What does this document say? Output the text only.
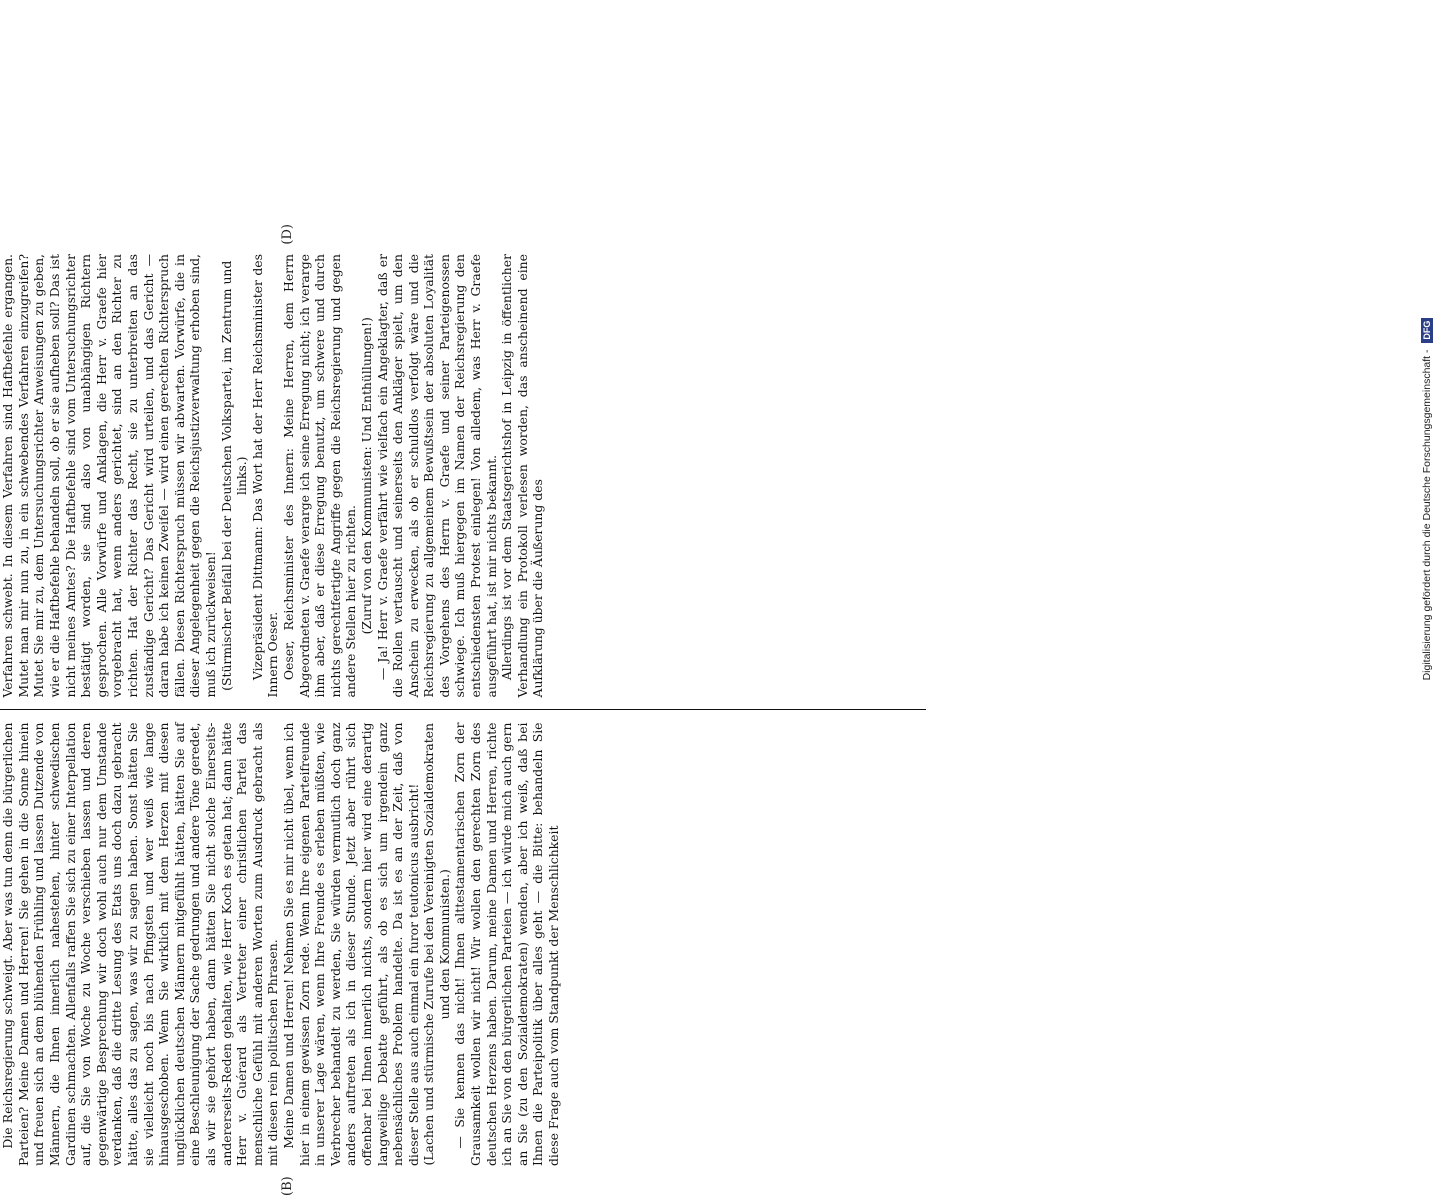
(B)
(D)

Die Reichsregierung schweigt. Aber was tun denn die bürgerlichen Parteien? Meine Damen und Herren! Sie gehen in die Sonne hinein und freuen sich an dem blühenden Frühling und lassen Dutzende von Männern, die Ihnen innerlich nahestehen, hinter schwedischen Gardinen schmachten. Allenfalls raffen Sie sich zu einer Interpellation auf, die Sie von Woche zu Woche verschieben lassen und deren gegenwärtige Besprechung wir doch wohl auch nur dem Umstande verdanken, daß die dritte Lesung des Etats uns doch dazu gebracht hätte, alles das zu sagen, was wir zu sagen haben. Sonst hätten Sie sie vielleicht noch bis nach Pfingsten und wer weiß wie lange hinausgeschoben. Wenn Sie wirklich mit dem Herzen mit diesen unglücklichen deutschen Männern mitgefühlt hätten, hätten Sie auf eine Beschleunigung der Sache gedrungen und andere Töne geredet, als wir sie gehört haben, dann hätten Sie nicht solche Einerseits-andererseits-Reden gehalten, wie Herr Koch es getan hat; dann hätte Herr v. Guérard als Vertreter einer christlichen Partei das menschliche Gefühl mit anderen Worten zum Ausdruck gebracht als mit diesen rein politischen Phrasen. Meine Damen und Herren! Nehmen Sie es mir nicht übel, wenn ich hier in einem gewissen Zorn rede. Wenn Ihre eigenen Parteifreunde in unserer Lage wären, wenn Ihre Freunde es erleben müßten, wie Verbrecher behandelt zu werden, Sie würden vermutlich doch ganz anders auftreten als ich in dieser Stunde. Jetzt aber rührt sich offenbar bei Ihnen innerlich nichts, sondern hier wird eine derartig langweilige Debatte geführt, als ob es sich um irgendein ganz nebensächliches Problem handelte. Da ist es an der Zeit, daß von dieser Stelle aus auch einmal ein furor teutonicus ausbricht! (Lachen und stürmische Zurufe bei den Vereinigten Sozialdemokraten und den Kommunisten.) — Sie kennen das nicht! Ihnen alttestamentarischen Zorn der Grausamkeit wollen wir nicht! Wir wollen den gerechten Zorn des deutschen Herzens haben. Darum, meine Damen und Herren, richte ich an Sie von den bürgerlichen Parteien — ich würde mich auch gern an Sie (zu den Sozialdemokraten) wenden, aber ich weiß, daß bei Ihnen die Parteipolitik über alles geht — die Bitte: behandeln Sie diese Frage auch vom Standpunkt der Menschlichkeit

Verfahren schwebt. In diesem Verfahren sind Haftbefehle ergangen. Mutet man mir nun zu, in ein schwebendes Verfahren einzugreifen? Mutet Sie mir zu, dem Untersuchungsrichter Anweisungen zu geben, wie er die Haftbefehle behandeln soll, ob er sie aufheben soll? Das ist nicht meines Amtes? Die Haftbefehle sind vom Untersuchungsrichter bestätigt worden, sie sind also von unabhängigen Richtern gesprochen. Alle Vorwürfe und Anklagen, die Herr v. Graefe hier vorgebracht hat, wenn anders gerichtet, sind an den Richter zu richten. Hat der Richter das Recht, sie zu unterbreiten an das zuständige Gericht? Das Gericht wird urteilen, und das Gericht — daran habe ich keinen Zweifel — wird einen gerechten Richterspruch fällen. Diesen Richterspruch müssen wir abwarten. Vorwürfe, die in dieser Angelegenheit gegen die Reichsjustizverwaltung erhoben sind, muß ich zurückweisen! (Stürmischer Beifall bei der Deutschen Volkspartei, im Zentrum und links.) Vizepräsident Dittmann: Das Wort hat der Herr Reichsminister des Innern Oeser. Oeser, Reichsminister des Innern: Meine Herren, dem Herrn Abgeordneten v. Graefe verarge ich seine Erregung nicht; ich verarge ihm aber, daß er diese Erregung benutzt, um schwere und durch nichts gerechtfertigte Angriffe gegen die Reichsregierung und gegen andere Stellen hier zu richten. (Zuruf von den Kommunisten: Und Enthüllungen!) — Ja! Herr v. Graefe verfährt wie vielfach ein Angeklagter, daß er die Rollen vertauscht und seinerseits den Ankläger spielt, um den Anschein zu erwecken, als ob er schuldlos verfolgt wäre und die Reichsregierung zu allgemeinem Bewußtsein der absoluten Loyalität des Vorgehens des Herrn v. Graefe und seiner Parteigenossen schwiege. Ich muß hiergegen im Namen der Reichsregierung den entschiedensten Protest einlegen! Von alledem, was Herr v. Graefe ausgeführt hat, ist mir nichts bekannt. Allerdings ist vor dem Staatsgerichtshof in Leipzig in öffentlicher Verhandlung ein Protokoll verlesen worden, das anscheinend eine Aufklärung über die Äußerung des	Digitalisierung gefördert durch die Deutsche Forschungsgemeinschaft - DFG
